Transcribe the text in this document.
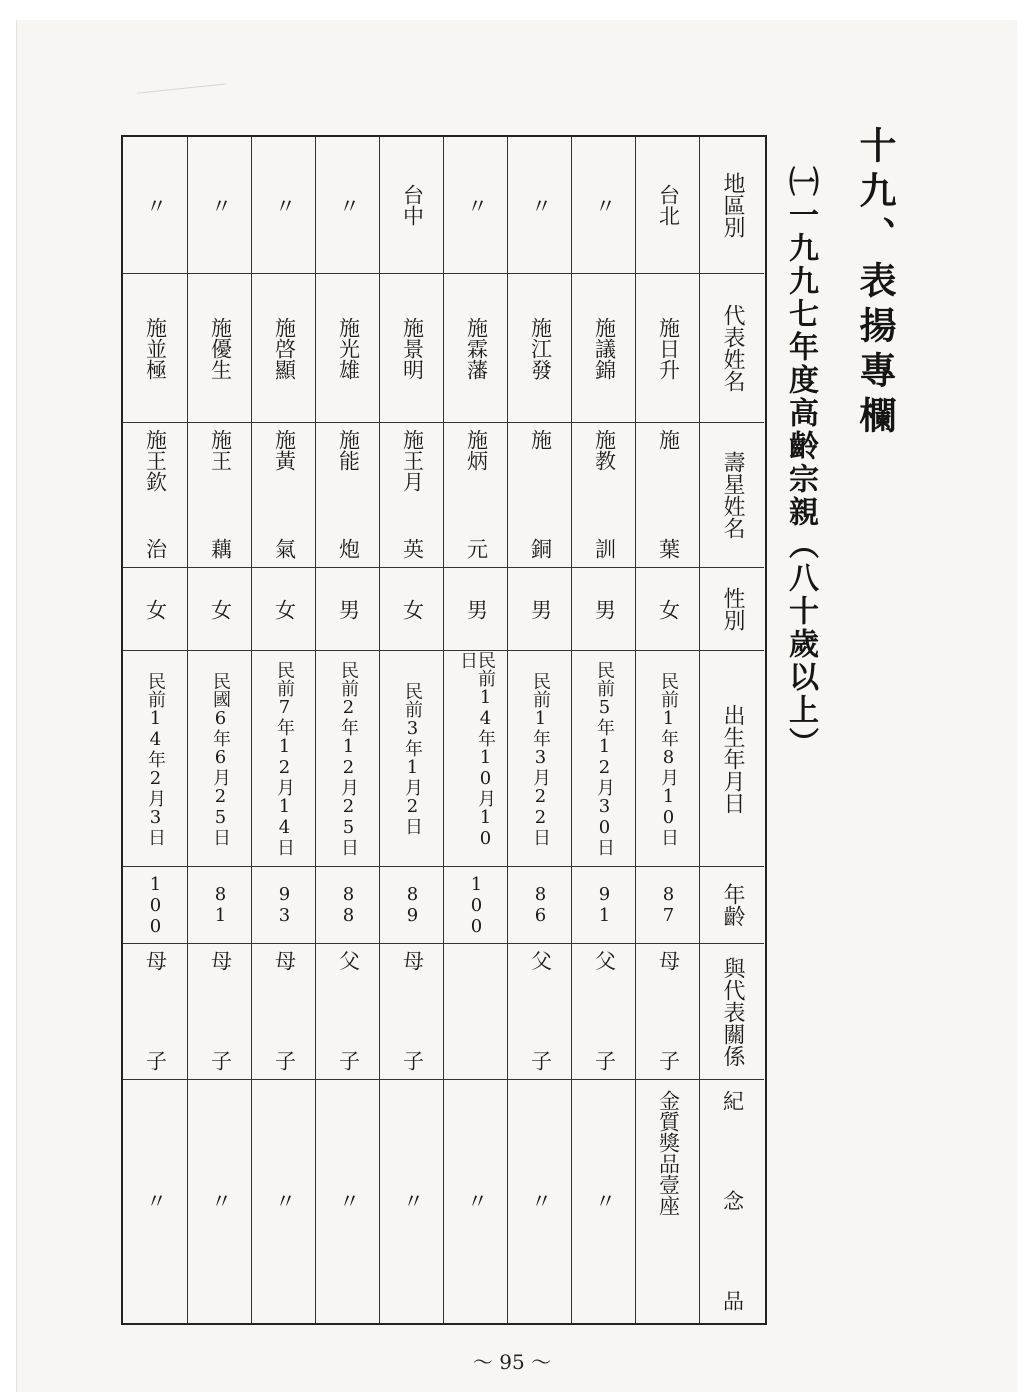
十九、表揚專欄
㈠一九九七年度高齡宗親（八十歲以上）
地區別
代表姓名
壽星姓名
性別
出生年月日
年齡
與代表關係
紀念品
台北
施日升
施
葉
女
民前1年8月10日
87
母
子
金質獎品壹座
〃
施議錦
施教
訓
男
民前5年12月30日
91
父
子
〃
〃
施江發
施
銅
男
民前1年3月22日
86
父
子
〃
〃
施霖藩
施炳
元
男
民前14年10月10日
100
〃
台中
施景明
施王月
英
女
民前3年1月2日
89
母
子
〃
〃
施光雄
施能
炮
男
民前2年12月25日
88
父
子
〃
〃
施啓顯
施黃
氣
女
民前7年12月14日
93
母
子
〃
〃
施優生
施王
藕
女
民國6年6月25日
81
母
子
〃
〃
施並極
施王欽
治
女
民前14年2月3日
100
母
子
〃
～ 95 ～
